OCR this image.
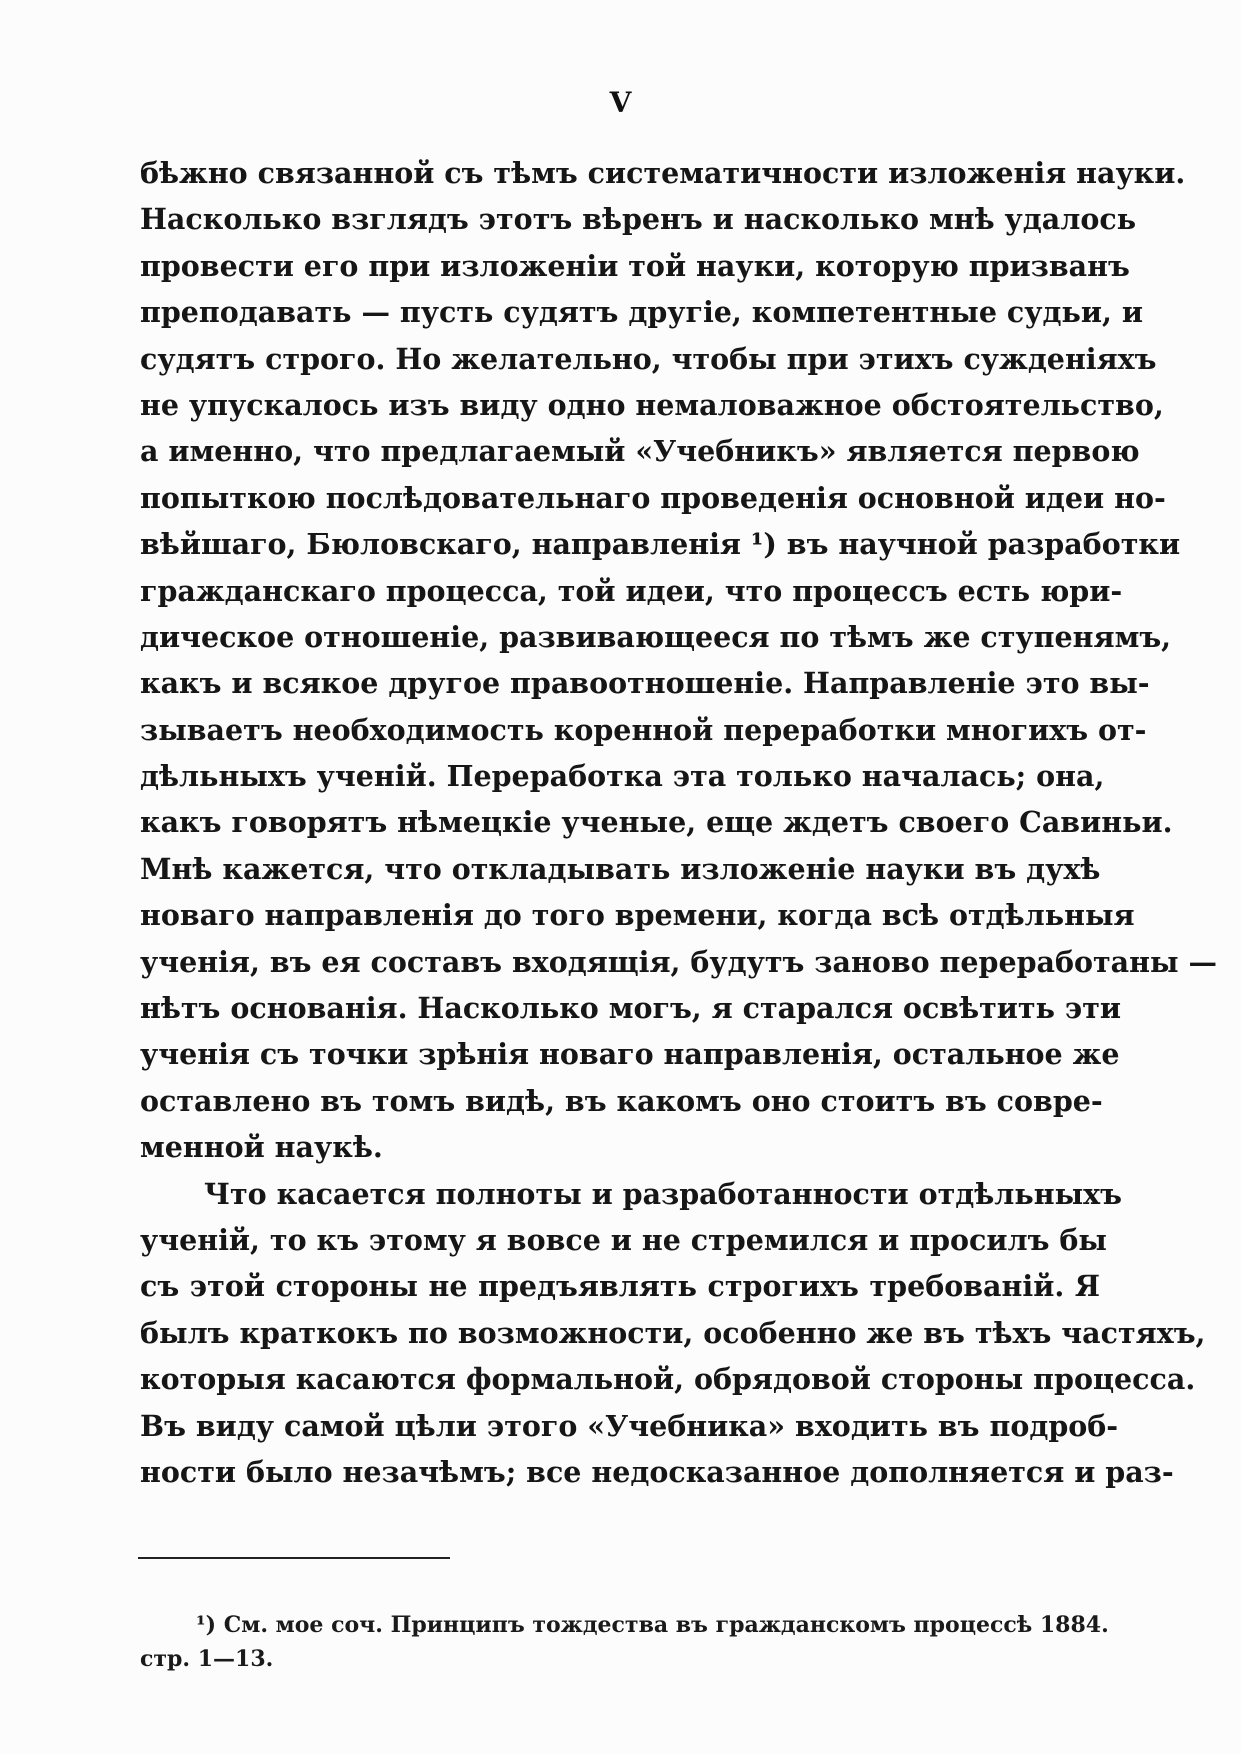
V
бѣжно связанной съ тѣмъ систематичности изложенія науки.
Насколько взглядъ этотъ вѣренъ и насколько мнѣ удалось
провести его при изложеніи той науки, которую призванъ
преподавать — пусть судятъ другіе, компетентные судьи, и
судятъ строго. Но желательно, чтобы при этихъ сужденіяхъ
не упускалось изъ виду одно немаловажное обстоятельство,
а именно, что предлагаемый «Учебникъ» является первою
попыткою послѣдовательнаго проведенія основной идеи но-
вѣйшаго, Бюловскаго, направленія ¹) въ научной разработки
гражданскаго процесса, той идеи, что процессъ есть юри-
дическое отношеніе, развивающееся по тѣмъ же ступенямъ,
какъ и всякое другое правоотношеніе. Направленіе это вы-
зываетъ необходимость коренной переработки многихъ от-
дѣльныхъ ученій. Переработка эта только началась; она,
какъ говорятъ нѣмецкіе ученые, еще ждетъ своего Савиньи.
Мнѣ кажется, что откладывать изложеніе науки въ духѣ
новаго направленія до того времени, когда всѣ отдѣльныя
ученія, въ ея составъ входящія, будутъ заново переработаны —
нѣтъ основанія. Насколько могъ, я старался освѣтить эти
ученія съ точки зрѣнія новаго направленія, остальное же
оставлено въ томъ видѣ, въ какомъ оно стоитъ въ совре-
менной наукѣ.
Что касается полноты и разработанности отдѣльныхъ
ученій, то къ этому я вовсе и не стремился и просилъ бы
съ этой стороны не предъявлять строгихъ требованій. Я
былъ краткокъ по возможности, особенно же въ тѣхъ частяхъ,
которыя касаются формальной, обрядовой стороны процесса.
Въ виду самой цѣли этого «Учебника» входить въ подроб-
ности было незачѣмъ; все недосказанное дополняется и раз-
¹) См. мое соч. Принципъ тождества въ гражданскомъ процессѣ 1884.
стр. 1—13.
